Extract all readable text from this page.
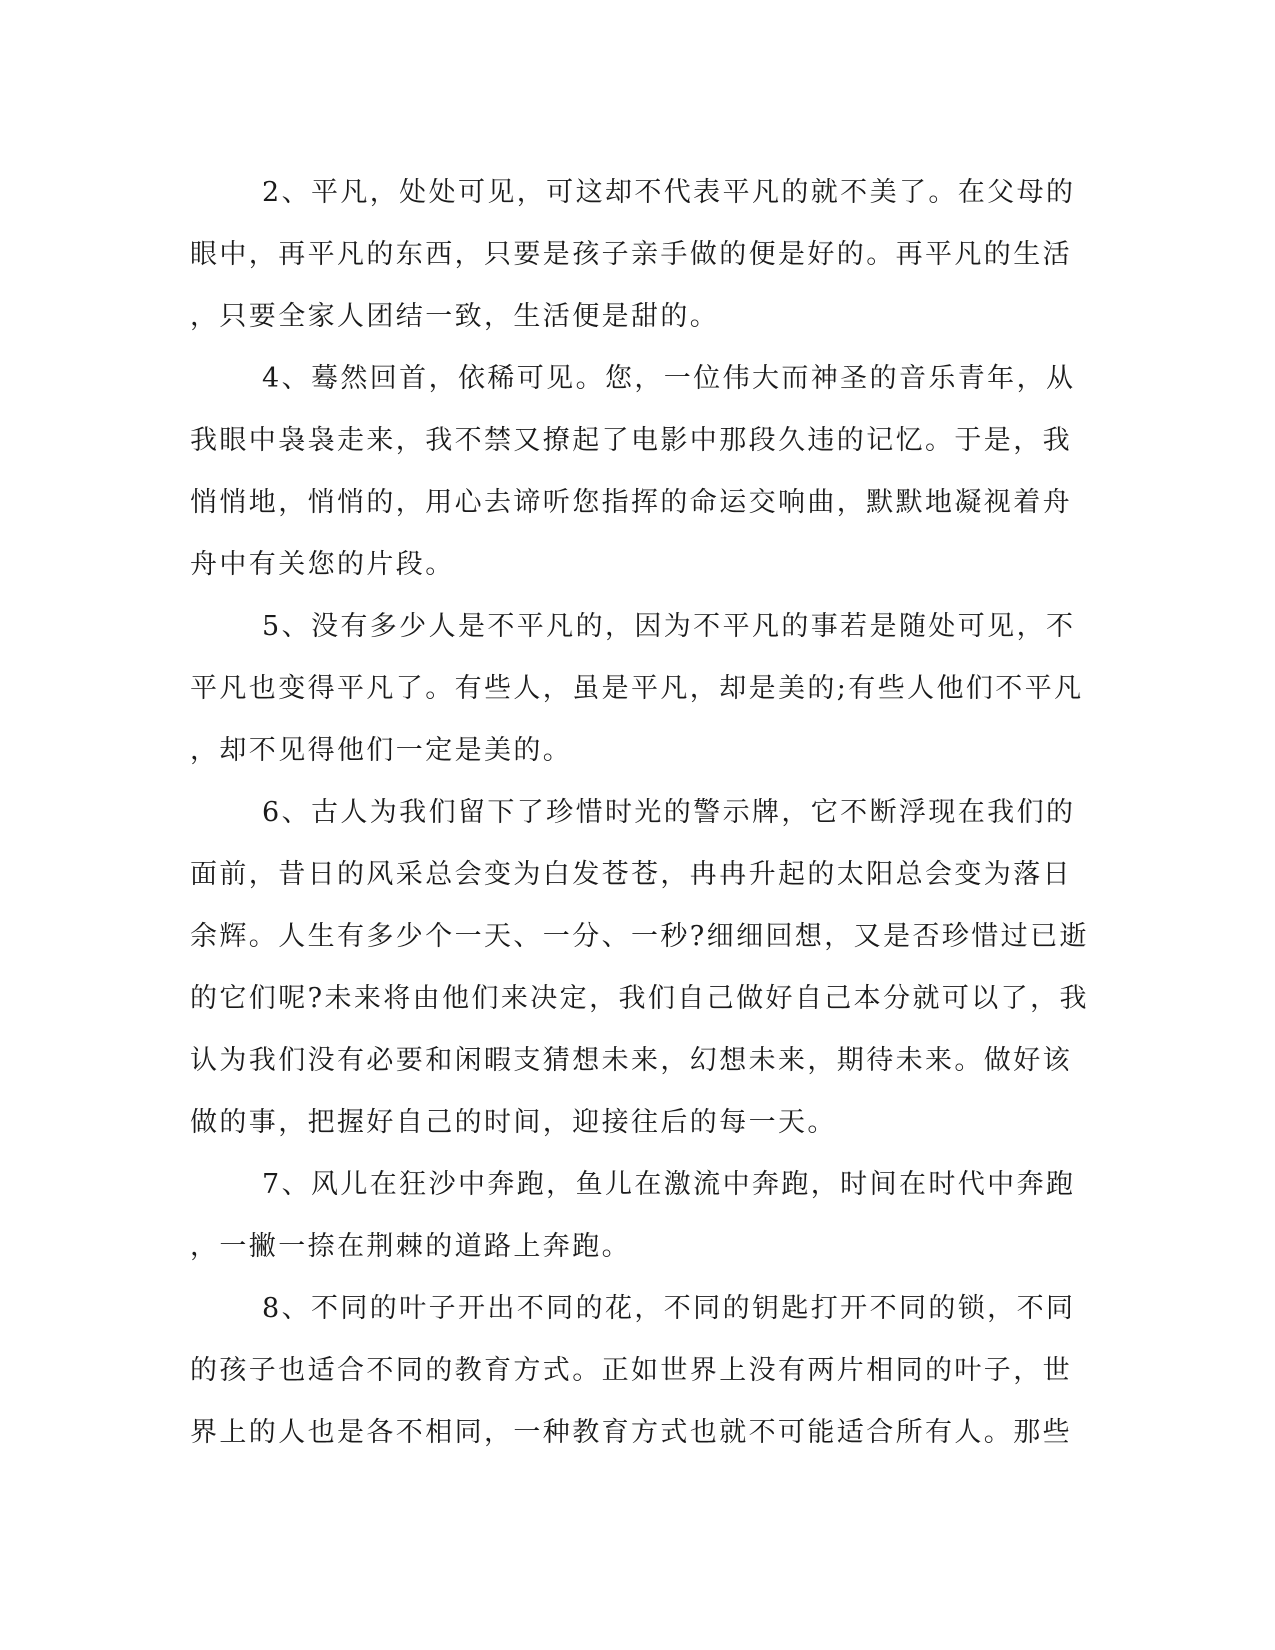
2、平凡，处处可见，可这却不代表平凡的就不美了。在父母的
眼中，再平凡的东西，只要是孩子亲手做的便是好的。再平凡的生活
，只要全家人团结一致，生活便是甜的。
4、蓦然回首，依稀可见。您，一位伟大而神圣的音乐青年，从
我眼中袅袅走来，我不禁又撩起了电影中那段久违的记忆。于是，我
悄悄地，悄悄的，用心去谛听您指挥的命运交响曲，默默地凝视着舟
舟中有关您的片段。
5、没有多少人是不平凡的，因为不平凡的事若是随处可见，不
平凡也变得平凡了。有些人，虽是平凡，却是美的;有些人他们不平凡
，却不见得他们一定是美的。
6、古人为我们留下了珍惜时光的警示牌，它不断浮现在我们的
面前，昔日的风采总会变为白发苍苍，冉冉升起的太阳总会变为落日
余辉。人生有多少个一天、一分、一秒?细细回想，又是否珍惜过已逝
的它们呢?未来将由他们来决定，我们自己做好自己本分就可以了，我
认为我们没有必要和闲暇支猜想未来，幻想未来，期待未来。做好该
做的事，把握好自己的时间，迎接往后的每一天。
7、风儿在狂沙中奔跑，鱼儿在激流中奔跑，时间在时代中奔跑
，一撇一捺在荆棘的道路上奔跑。
8、不同的叶子开出不同的花，不同的钥匙打开不同的锁，不同
的孩子也适合不同的教育方式。正如世界上没有两片相同的叶子，世
界上的人也是各不相同，一种教育方式也就不可能适合所有人。那些
